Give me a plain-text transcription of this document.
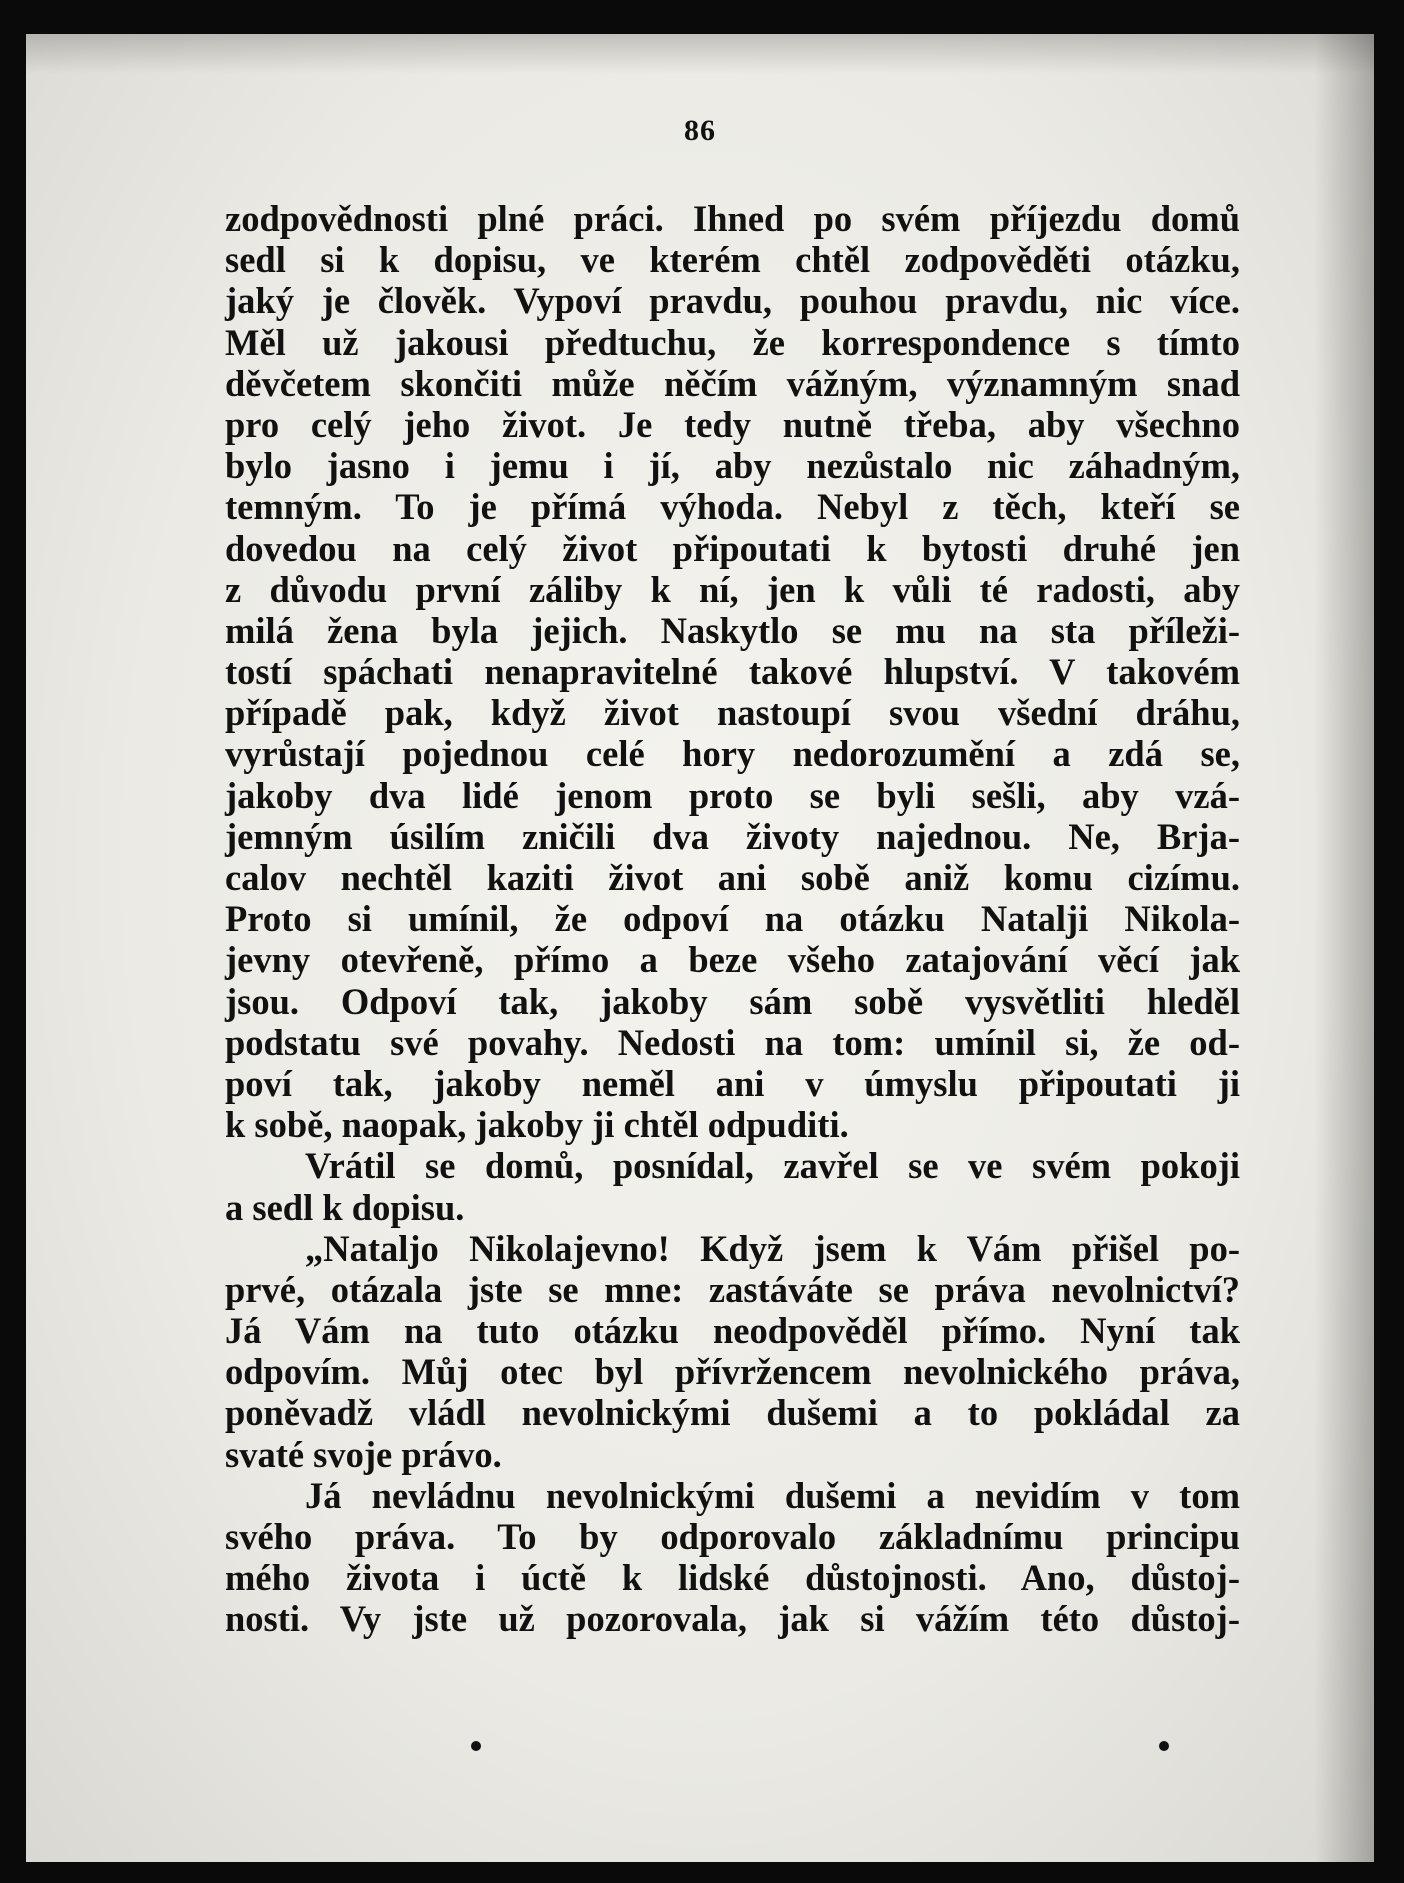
86
zodpovědnosti plné práci. Ihned po svém příjezdu domů
sedl si k dopisu, ve kterém chtěl zodpověděti otázku,
jaký je člověk. Vypoví pravdu, pouhou pravdu, nic více.
Měl už jakousi předtuchu, že korrespondence s tímto
děvčetem skončiti může něčím vážným, významným snad
pro celý jeho život. Je tedy nutně třeba, aby všechno
bylo jasno i jemu i jí, aby nezůstalo nic záhadným,
temným. To je přímá výhoda. Nebyl z těch, kteří se
dovedou na celý život připoutati k bytosti druhé jen
z důvodu první záliby k ní, jen k vůli té radosti, aby
milá žena byla jejich. Naskytlo se mu na sta příleži-
tostí spáchati nenapravitelné takové hlupství. V takovém
případě pak, když život nastoupí svou všední dráhu,
vyrůstají pojednou celé hory nedorozumění a zdá se,
jakoby dva lidé jenom proto se byli sešli, aby vzá-
jemným úsilím zničili dva životy najednou. Ne, Brja-
calov nechtěl kaziti život ani sobě aniž komu cizímu.
Proto si umínil, že odpoví na otázku Natalji Nikola-
jevny otevřeně, přímo a beze všeho zatajování věcí jak
jsou. Odpoví tak, jakoby sám sobě vysvětliti hleděl
podstatu své povahy. Nedosti na tom: umínil si, že od-
poví tak, jakoby neměl ani v úmyslu připoutati ji
k sobě, naopak, jakoby ji chtěl odpuditi.
Vrátil se domů, posnídal, zavřel se ve svém pokoji
a sedl k dopisu.
„Nataljo Nikolajevno! Když jsem k Vám přišel po-
prvé, otázala jste se mne: zastáváte se práva nevolnictví?
Já Vám na tuto otázku neodpověděl přímo. Nyní tak
odpovím. Můj otec byl přívržencem nevolnického práva,
poněvadž vládl nevolnickými dušemi a to pokládal za
svaté svoje právo.
Já nevládnu nevolnickými dušemi a nevidím v tom
svého práva. To by odporovalo základnímu principu
mého života i úctě k lidské důstojnosti. Ano, důstoj-
nosti. Vy jste už pozorovala, jak si vážím této důstoj-
